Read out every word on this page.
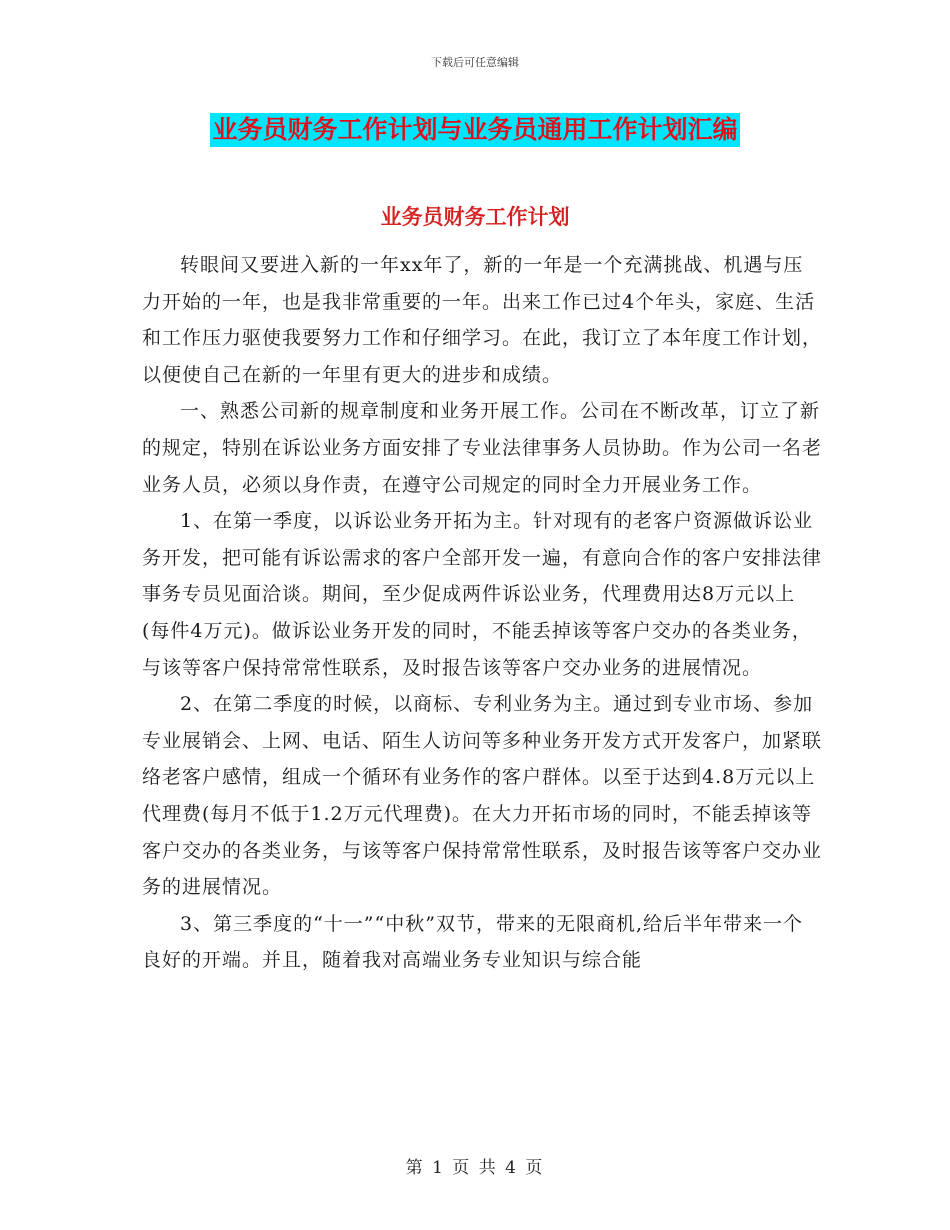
下载后可任意编辑
业务员财务工作计划与业务员通用工作计划汇编
业务员财务工作计划

转眼间又要进入新的一年xx年了，新的一年是一个充满挑战、机遇与压力开始的一年，也是我非常重要的一年。出来工作已过4个年头，家庭、生活和工作压力驱使我要努力工作和仔细学习。在此，我订立了本年度工作计划，以便使自己在新的一年里有更大的进步和成绩。

一、熟悉公司新的规章制度和业务开展工作。公司在不断改革，订立了新的规定，特别在诉讼业务方面安排了专业法律事务人员协助。作为公司一名老业务人员，必须以身作责，在遵守公司规定的同时全力开展业务工作。

1、在第一季度，以诉讼业务开拓为主。针对现有的老客户资源做诉讼业务开发，把可能有诉讼需求的客户全部开发一遍，有意向合作的客户安排法律事务专员见面洽谈。期间，至少促成两件诉讼业务，代理费用达8万元以上(每件4万元)。做诉讼业务开发的同时，不能丢掉该等客户交办的各类业务，与该等客户保持常常性联系，及时报告该等客户交办业务的进展情况。

2、在第二季度的时候，以商标、专利业务为主。通过到专业市场、参加专业展销会、上网、电话、陌生人访问等多种业务开发方式开发客户，加紧联络老客户感情，组成一个循环有业务作的客户群体。以至于达到4.8万元以上代理费(每月不低于1.2万元代理费)。在大力开拓市场的同时，不能丢掉该等客户交办的各类业务，与该等客户保持常常性联系，及时报告该等客户交办业务的进展情况。

3、第三季度的“十一”“中秋”双节，带来的无限商机,给后半年带来一个良好的开端。并且，随着我对高端业务专业知识与综合能

第 1 页 共 4 页
